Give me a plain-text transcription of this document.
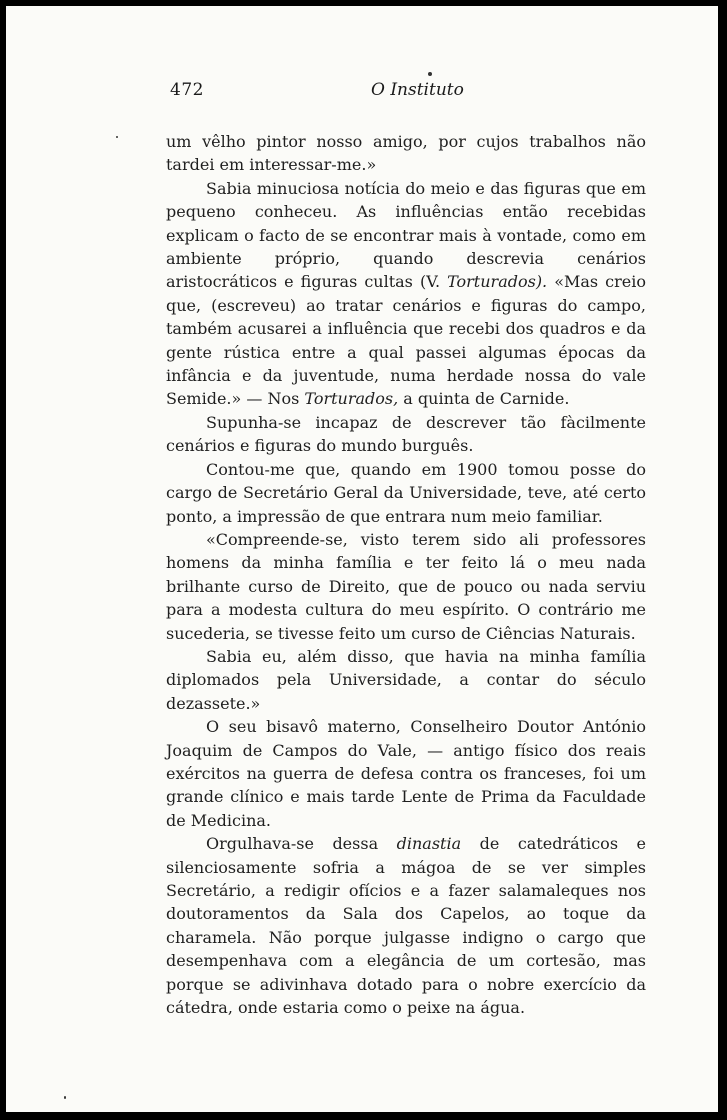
472	O Instituto

um vêlho pintor nosso amigo, por cujos trabalhos não tardei em interessar-me.»

Sabia minuciosa notícia do meio e das figuras que em pequeno conheceu. As influências então recebidas explicam o facto de se encontrar mais à vontade, como em ambiente próprio, quando descrevia cenários aristocráticos e figuras cultas (V. Torturados). «Mas creio que, (escreveu) ao tratar cenários e figuras do campo, também acusarei a influência que recebi dos quadros e da gente rústica entre a qual passei algumas épocas da infância e da juventude, numa herdade nossa do vale Semide.» — Nos Torturados, a quinta de Carnide.

Supunha-se incapaz de descrever tão fàcilmente cenários e figuras do mundo burguês.

Contou-me que, quando em 1900 tomou posse do cargo de Secretário Geral da Universidade, teve, até certo ponto, a impressão de que entrara num meio familiar.

«Compreende-se, visto terem sido ali professores homens da minha família e ter feito lá o meu nada brilhante curso de Direito, que de pouco ou nada serviu para a modesta cultura do meu espírito. O contrário me sucederia, se tivesse feito um curso de Ciências Naturais.

Sabia eu, além disso, que havia na minha família diplomados pela Universidade, a contar do século dezassete.»

O seu bisavô materno, Conselheiro Doutor António Joaquim de Campos do Vale, — antigo físico dos reais exércitos na guerra de defesa contra os franceses, foi um grande clínico e mais tarde Lente de Prima da Faculdade de Medicina.

Orgulhava-se dessa dinastia de catedráticos e silenciosamente sofria a mágoa de se ver simples Secretário, a redigir ofícios e a fazer salamaleques nos doutoramentos da Sala dos Capelos, ao toque da charamela. Não porque julgasse indigno o cargo que desempenhava com a elegância de um cortesão, mas porque se adivinhava dotado para o nobre exercício da cátedra, onde estaria como o peixe na água.
